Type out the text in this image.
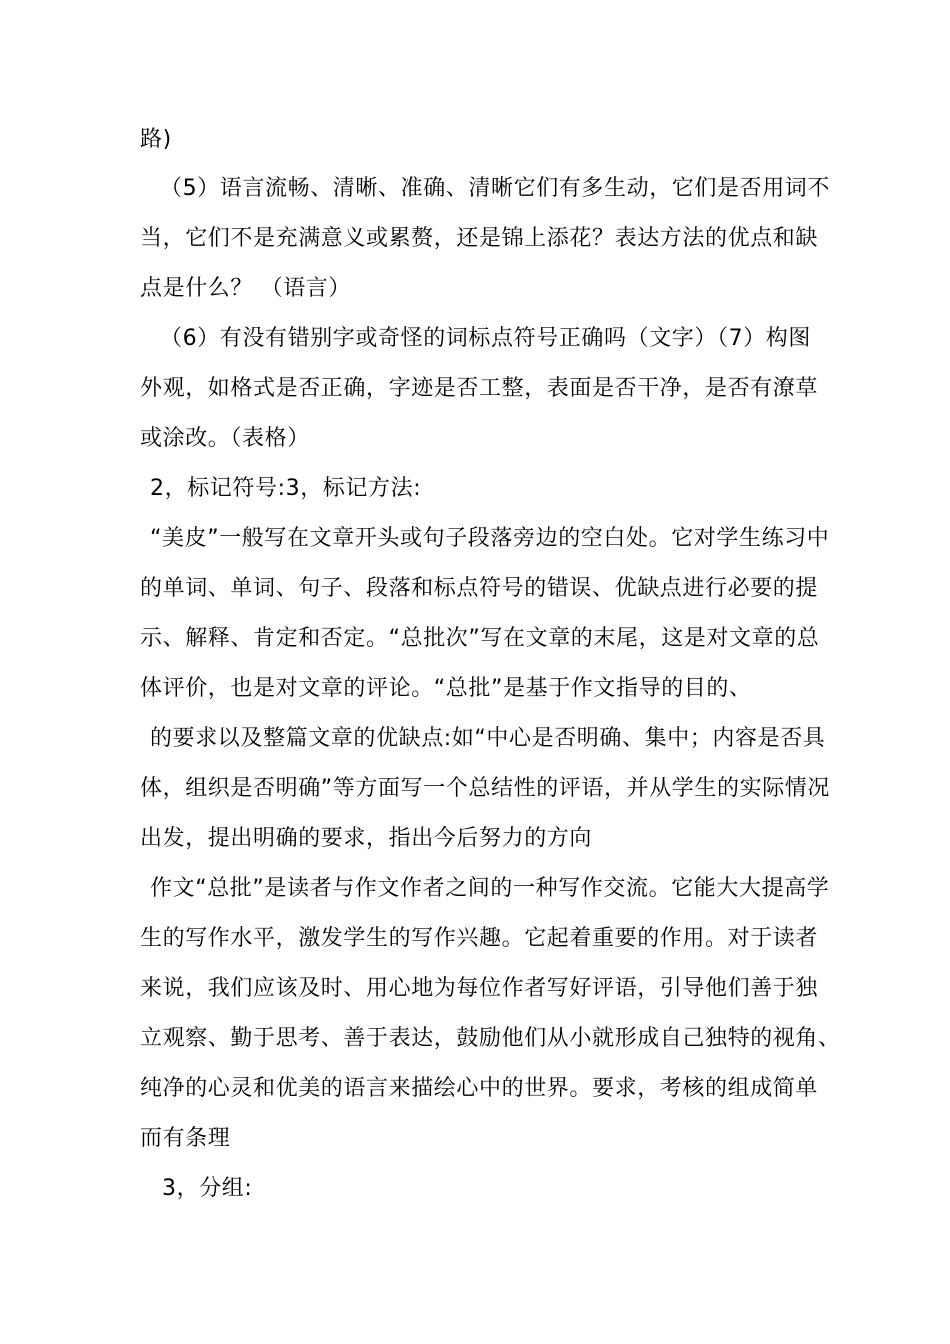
路)
（5）语言流畅、清晰、准确、清晰它们有多生动，它们是否用词不
当，它们不是充满意义或累赘，还是锦上添花？表达方法的优点和缺
点是什么？ （语言）
（6）有没有错别字或奇怪的词标点符号正确吗（文字）（7）构图
外观，如格式是否正确，字迹是否工整，表面是否干净，是否有潦草
或涂改。（表格）
2，标记符号:3，标记方法:
“美皮”一般写在文章开头或句子段落旁边的空白处。它对学生练习中
的单词、单词、句子、段落和标点符号的错误、优缺点进行必要的提
示、解释、肯定和否定。“总批次”写在文章的末尾，这是对文章的总
体评价，也是对文章的评论。“总批”是基于作文指导的目的、
的要求以及整篇文章的优缺点:如“中心是否明确、集中；内容是否具
体，组织是否明确”等方面写一个总结性的评语，并从学生的实际情况
出发，提出明确的要求，指出今后努力的方向
作文“总批”是读者与作文作者之间的一种写作交流。它能大大提高学
生的写作水平，激发学生的写作兴趣。它起着重要的作用。对于读者
来说，我们应该及时、用心地为每位作者写好评语，引导他们善于独
立观察、勤于思考、善于表达，鼓励他们从小就形成自己独特的视角、
纯净的心灵和优美的语言来描绘心中的世界。要求，考核的组成简单
而有条理
3，分组:
